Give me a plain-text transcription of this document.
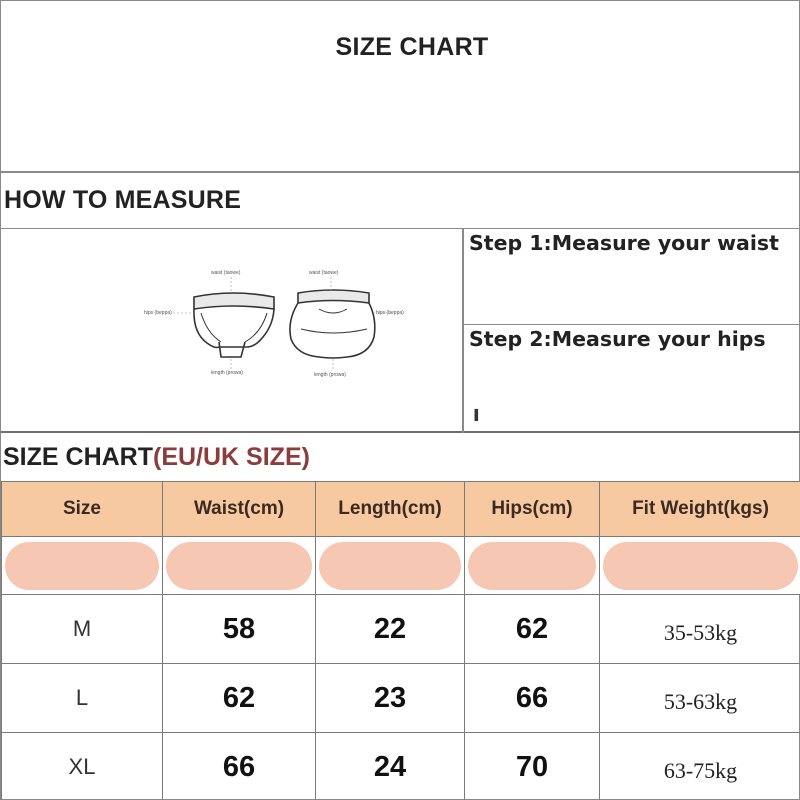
SIZE CHART
HOW TO MEASURE
waist (taowe)
hips (beppa)
length (prowa)
waist (taowe)
hips (beppa)
length (prowa)
Step 1:Measure your waist
Step 2:Measure your hips
SIZE CHART(EU/UK SIZE)
Size	Waist(cm)	Length(cm)	Hips(cm)	Fit Weight(kgs)

M	58	22	62	35-53kg
L	62	23	66	53-63kg
XL	66	24	70	63-75kg
▐
